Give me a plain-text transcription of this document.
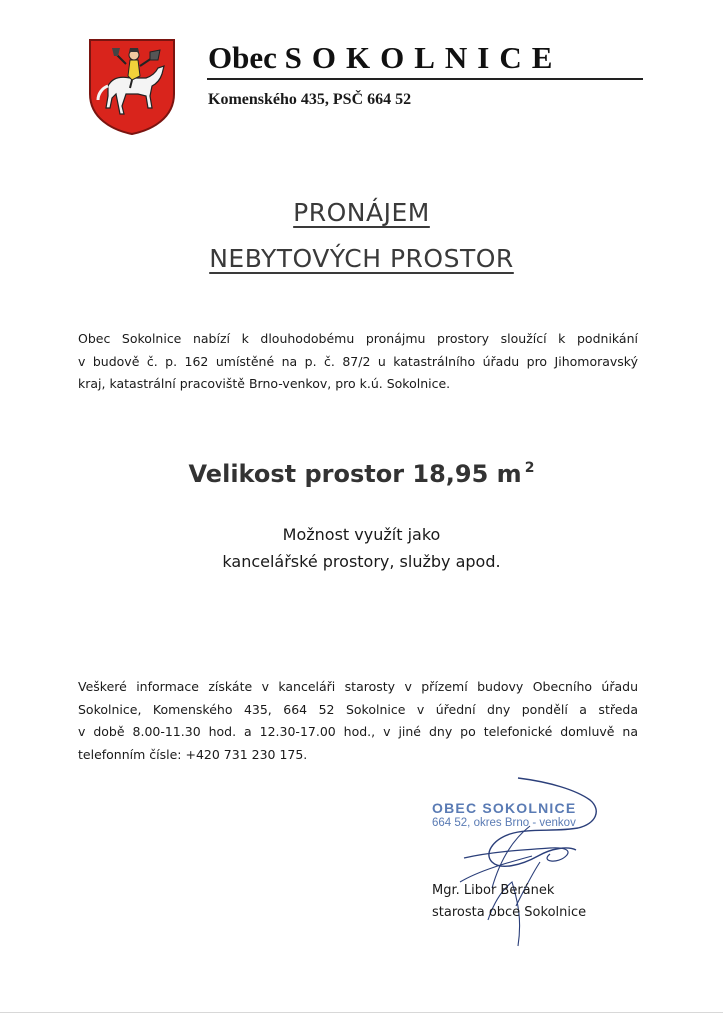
Obec SOKOLNICE
Komenského 435, PSČ 664 52
PRONÁJEM
NEBYTOVÝCH PROSTOR
Obec Sokolnice nabízí k dlouhodobému pronájmu prostory sloužící k podnikání
v budově č. p. 162 umístěné na p. č. 87/2 u katastrálního úřadu pro Jihomoravský
kraj, katastrální pracoviště Brno-venkov, pro k.ú. Sokolnice.
Velikost prostor 18,95 m $^2$
Možnost využít jako
kancelářské prostory, služby apod.
Veškeré informace získáte v kanceláři starosty v přízemí budovy Obecního úřadu
Sokolnice, Komenského 435, 664 52 Sokolnice v úřední dny pondělí a středa
v době 8.00-11.30 hod. a 12.30-17.00 hod., v jiné dny po telefonické domluvě na
telefonním čísle: +420 731 230 175.
OBEC SOKOLNICE
664 52, okres Brno - venkov
Mgr. Libor Beránek
starosta obce Sokolnice
